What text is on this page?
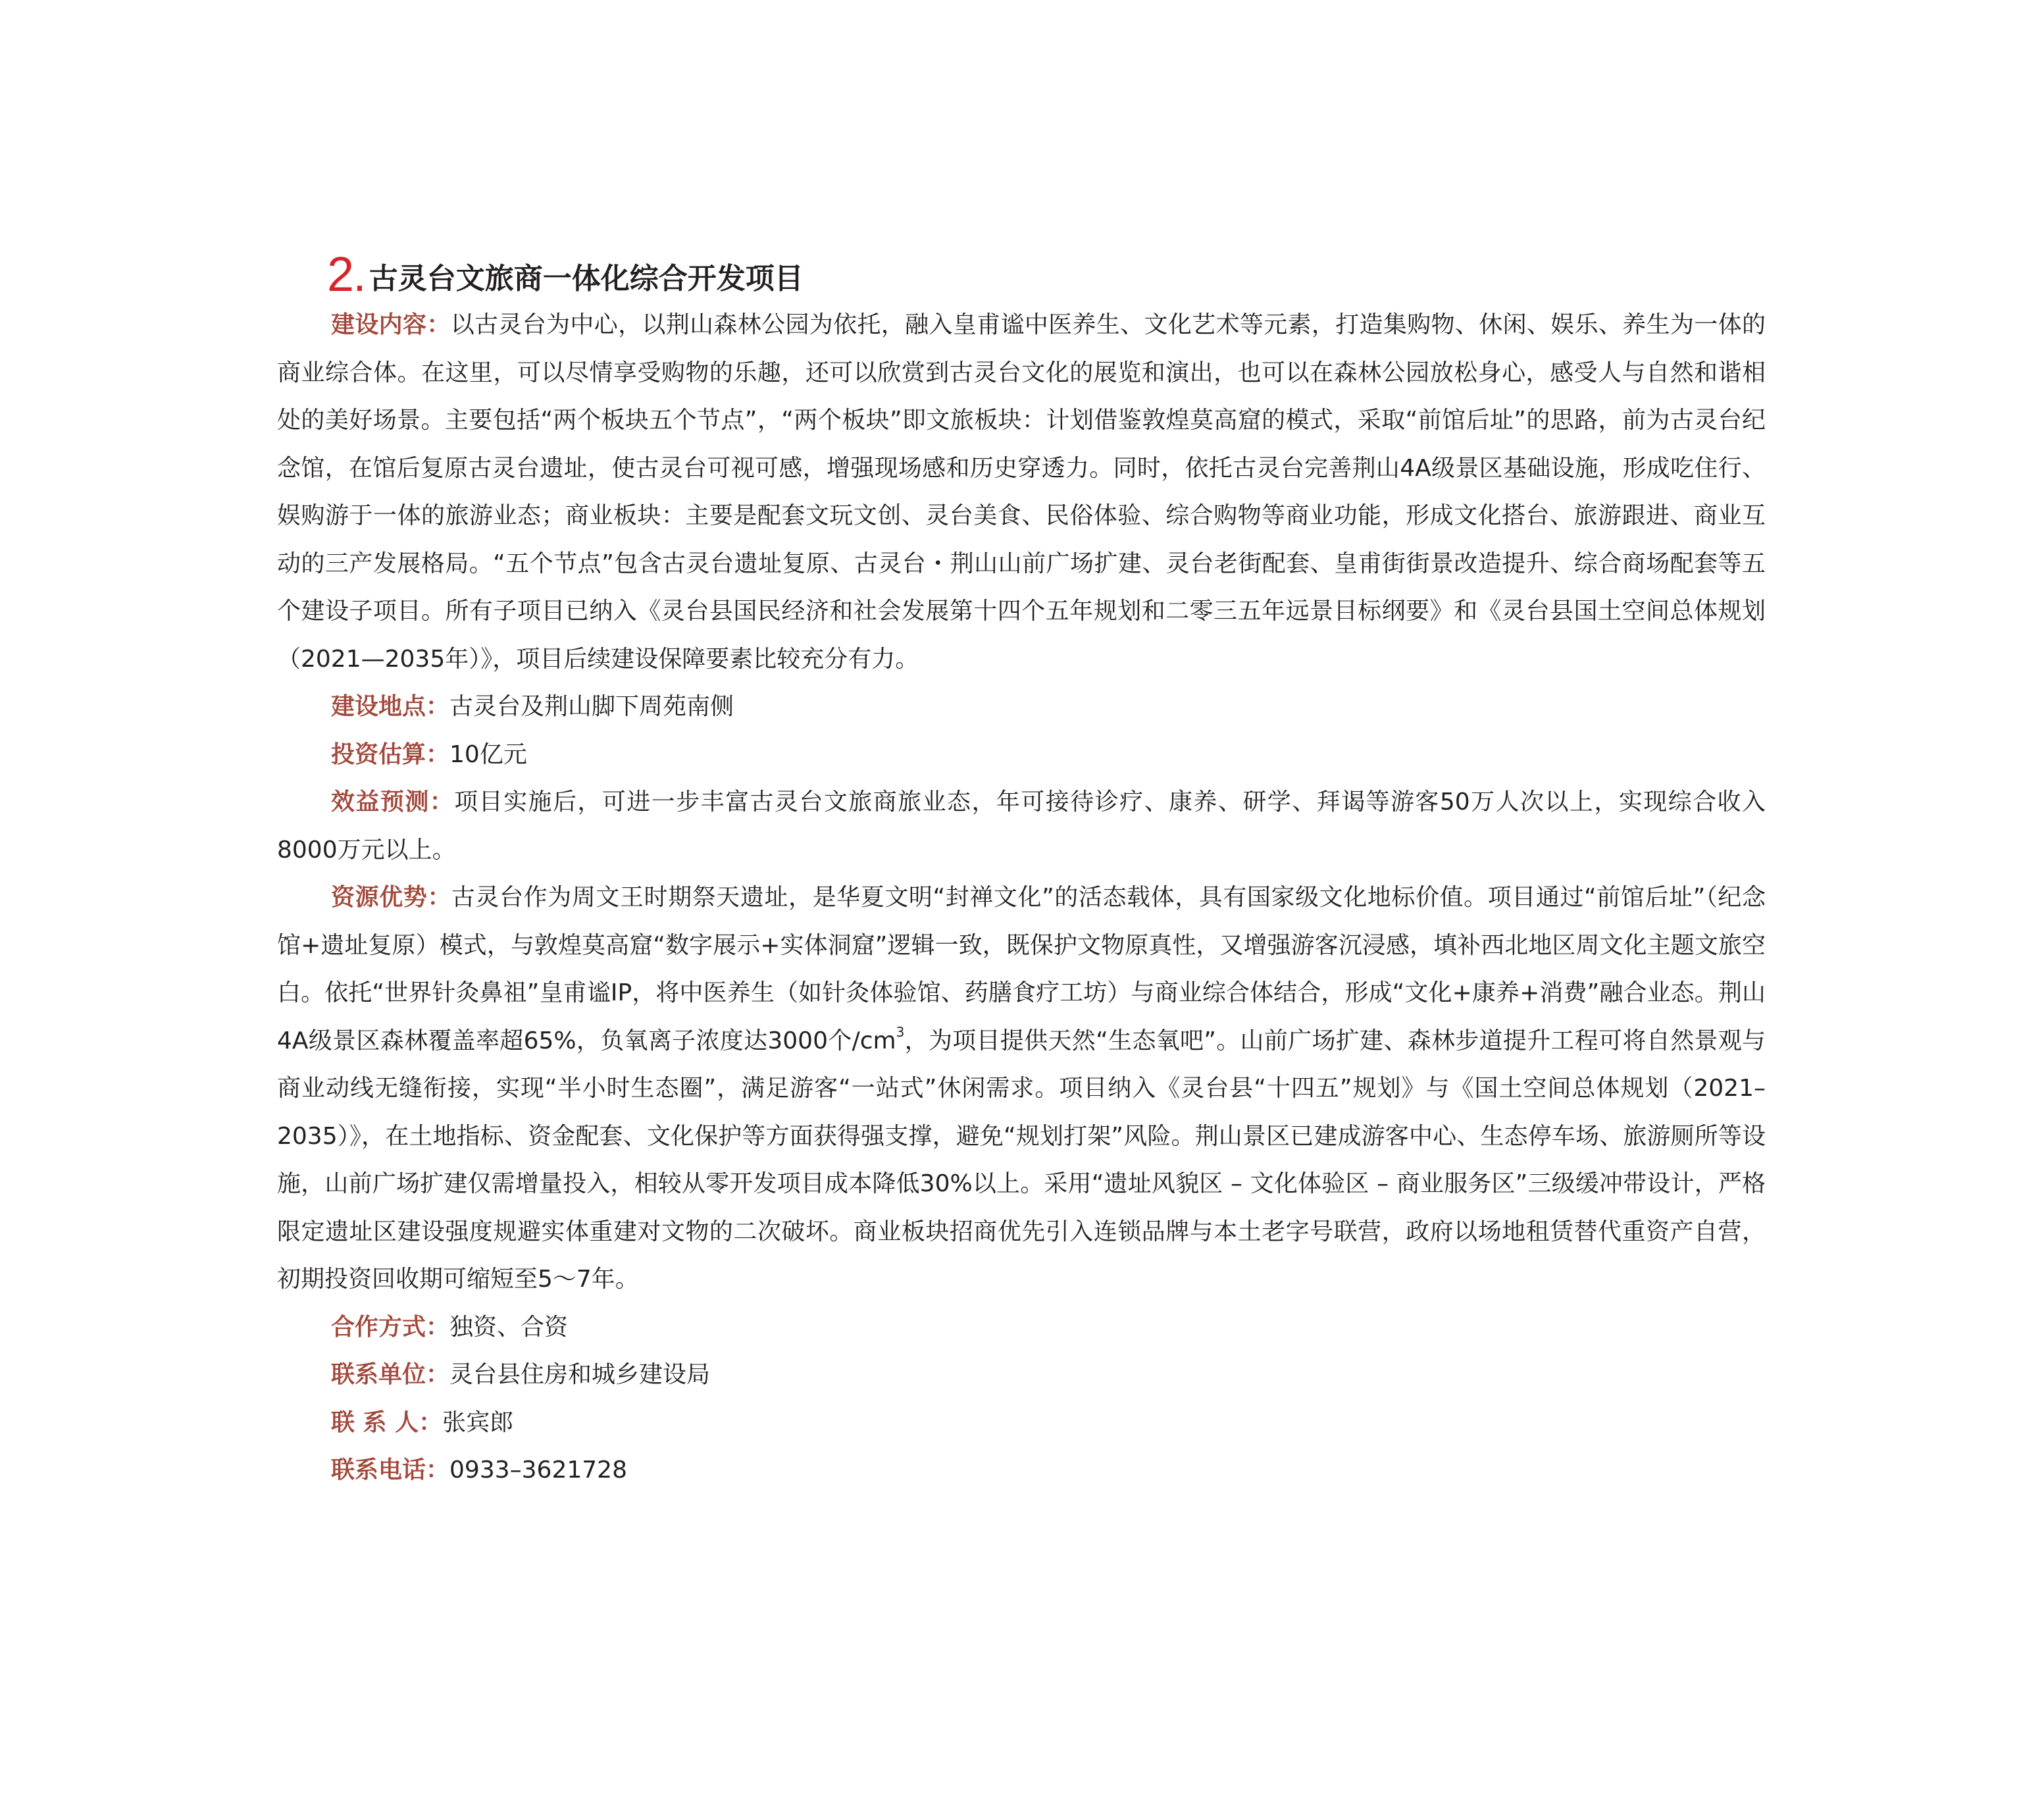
2 . 古灵台文旅商一体化综合开发项目

建设内容：以古灵台为中心，以荆山森林公园为依托，融入皇甫谧中医养生、文化艺术等元素，打造集购物、休闲、娱乐、养生为一体的商业综合体。在这里，可以尽情享受购物的乐趣，还可以欣赏到古灵台文化的展览和演出，也可以在森林公园放松身心，感受人与自然和谐相处的美好场景。主要包括“两个板块五个节点”，“两个板块”即文旅板块：计划借鉴敦煌莫高窟的模式，采取“前馆后址”的思路，前为古灵台纪念馆，在馆后复原古灵台遗址，使古灵台可视可感，增强现场感和历史穿透力。同时，依托古灵台完善荆山4A级景区基础设施，形成吃住行、娱购游于一体的旅游业态；商业板块：主要是配套文玩文创、灵台美食、民俗体验、综合购物等商业功能，形成文化搭台、旅游跟进、商业互动的三产发展格局。“五个节点”包含古灵台遗址复原、古灵台・荆山山前广场扩建、灵台老街配套、皇甫街街景改造提升、综合商场配套等五个建设子项目。所有子项目已纳入《灵台县国民经济和社会发展第十四个五年规划和二零三五年远景目标纲要》和《灵台县国土空间总体规划（2021—2035年）》，项目后续建设保障要素比较充分有力。

建设地点：古灵台及荆山脚下周苑南侧

投资估算：10亿元

效益预测：项目实施后，可进一步丰富古灵台文旅商旅业态，年可接待诊疗、康养、研学、拜谒等游客50万人次以上，实现综合收入8000万元以上。

资源优势：古灵台作为周文王时期祭天遗址，是华夏文明“封禅文化”的活态载体，具有国家级文化地标价值。项目通过“前馆后址”（纪念馆+遗址复原）模式，与敦煌莫高窟“数字展示+实体洞窟”逻辑一致，既保护文物原真性，又增强游客沉浸感，填补西北地区周文化主题文旅空白。依托“世界针灸鼻祖”皇甫谧IP，将中医养生（如针灸体验馆、药膳食疗工坊）与商业综合体结合，形成“文化+康养+消费”融合业态。荆山4A级景区森林覆盖率超65%，负氧离子浓度达3000个$/cm^3$，为项目提供天然“生态氧吧”。山前广场扩建、森林步道提升工程可将自然景观与商业动线无缝衔接，实现“半小时生态圈”，满足游客“一站式”休闲需求。项目纳入《灵台县“十四五”规划》与《国土空间总体规划（2021–2035）》，在土地指标、资金配套、文化保护等方面获得强支撑，避免“规划打架”风险。荆山景区已建成游客中心、生态停车场、旅游厕所等设施，山前广场扩建仅需增量投入，相较从零开发项目成本降低30%以上。采用“遗址风貌区 – 文化体验区 – 商业服务区”三级缓冲带设计，严格限定遗址区建设强度规避实体重建对文物的二次破坏。商业板块招商优先引入连锁品牌与本土老字号联营，政府以场地租赁替代重资产自营，初期投资回收期可缩短至5～7年。

合作方式：独资、合资

联系单位：灵台县住房和城乡建设局

联 系 人：张宾郎

联系电话：0933–3621728
